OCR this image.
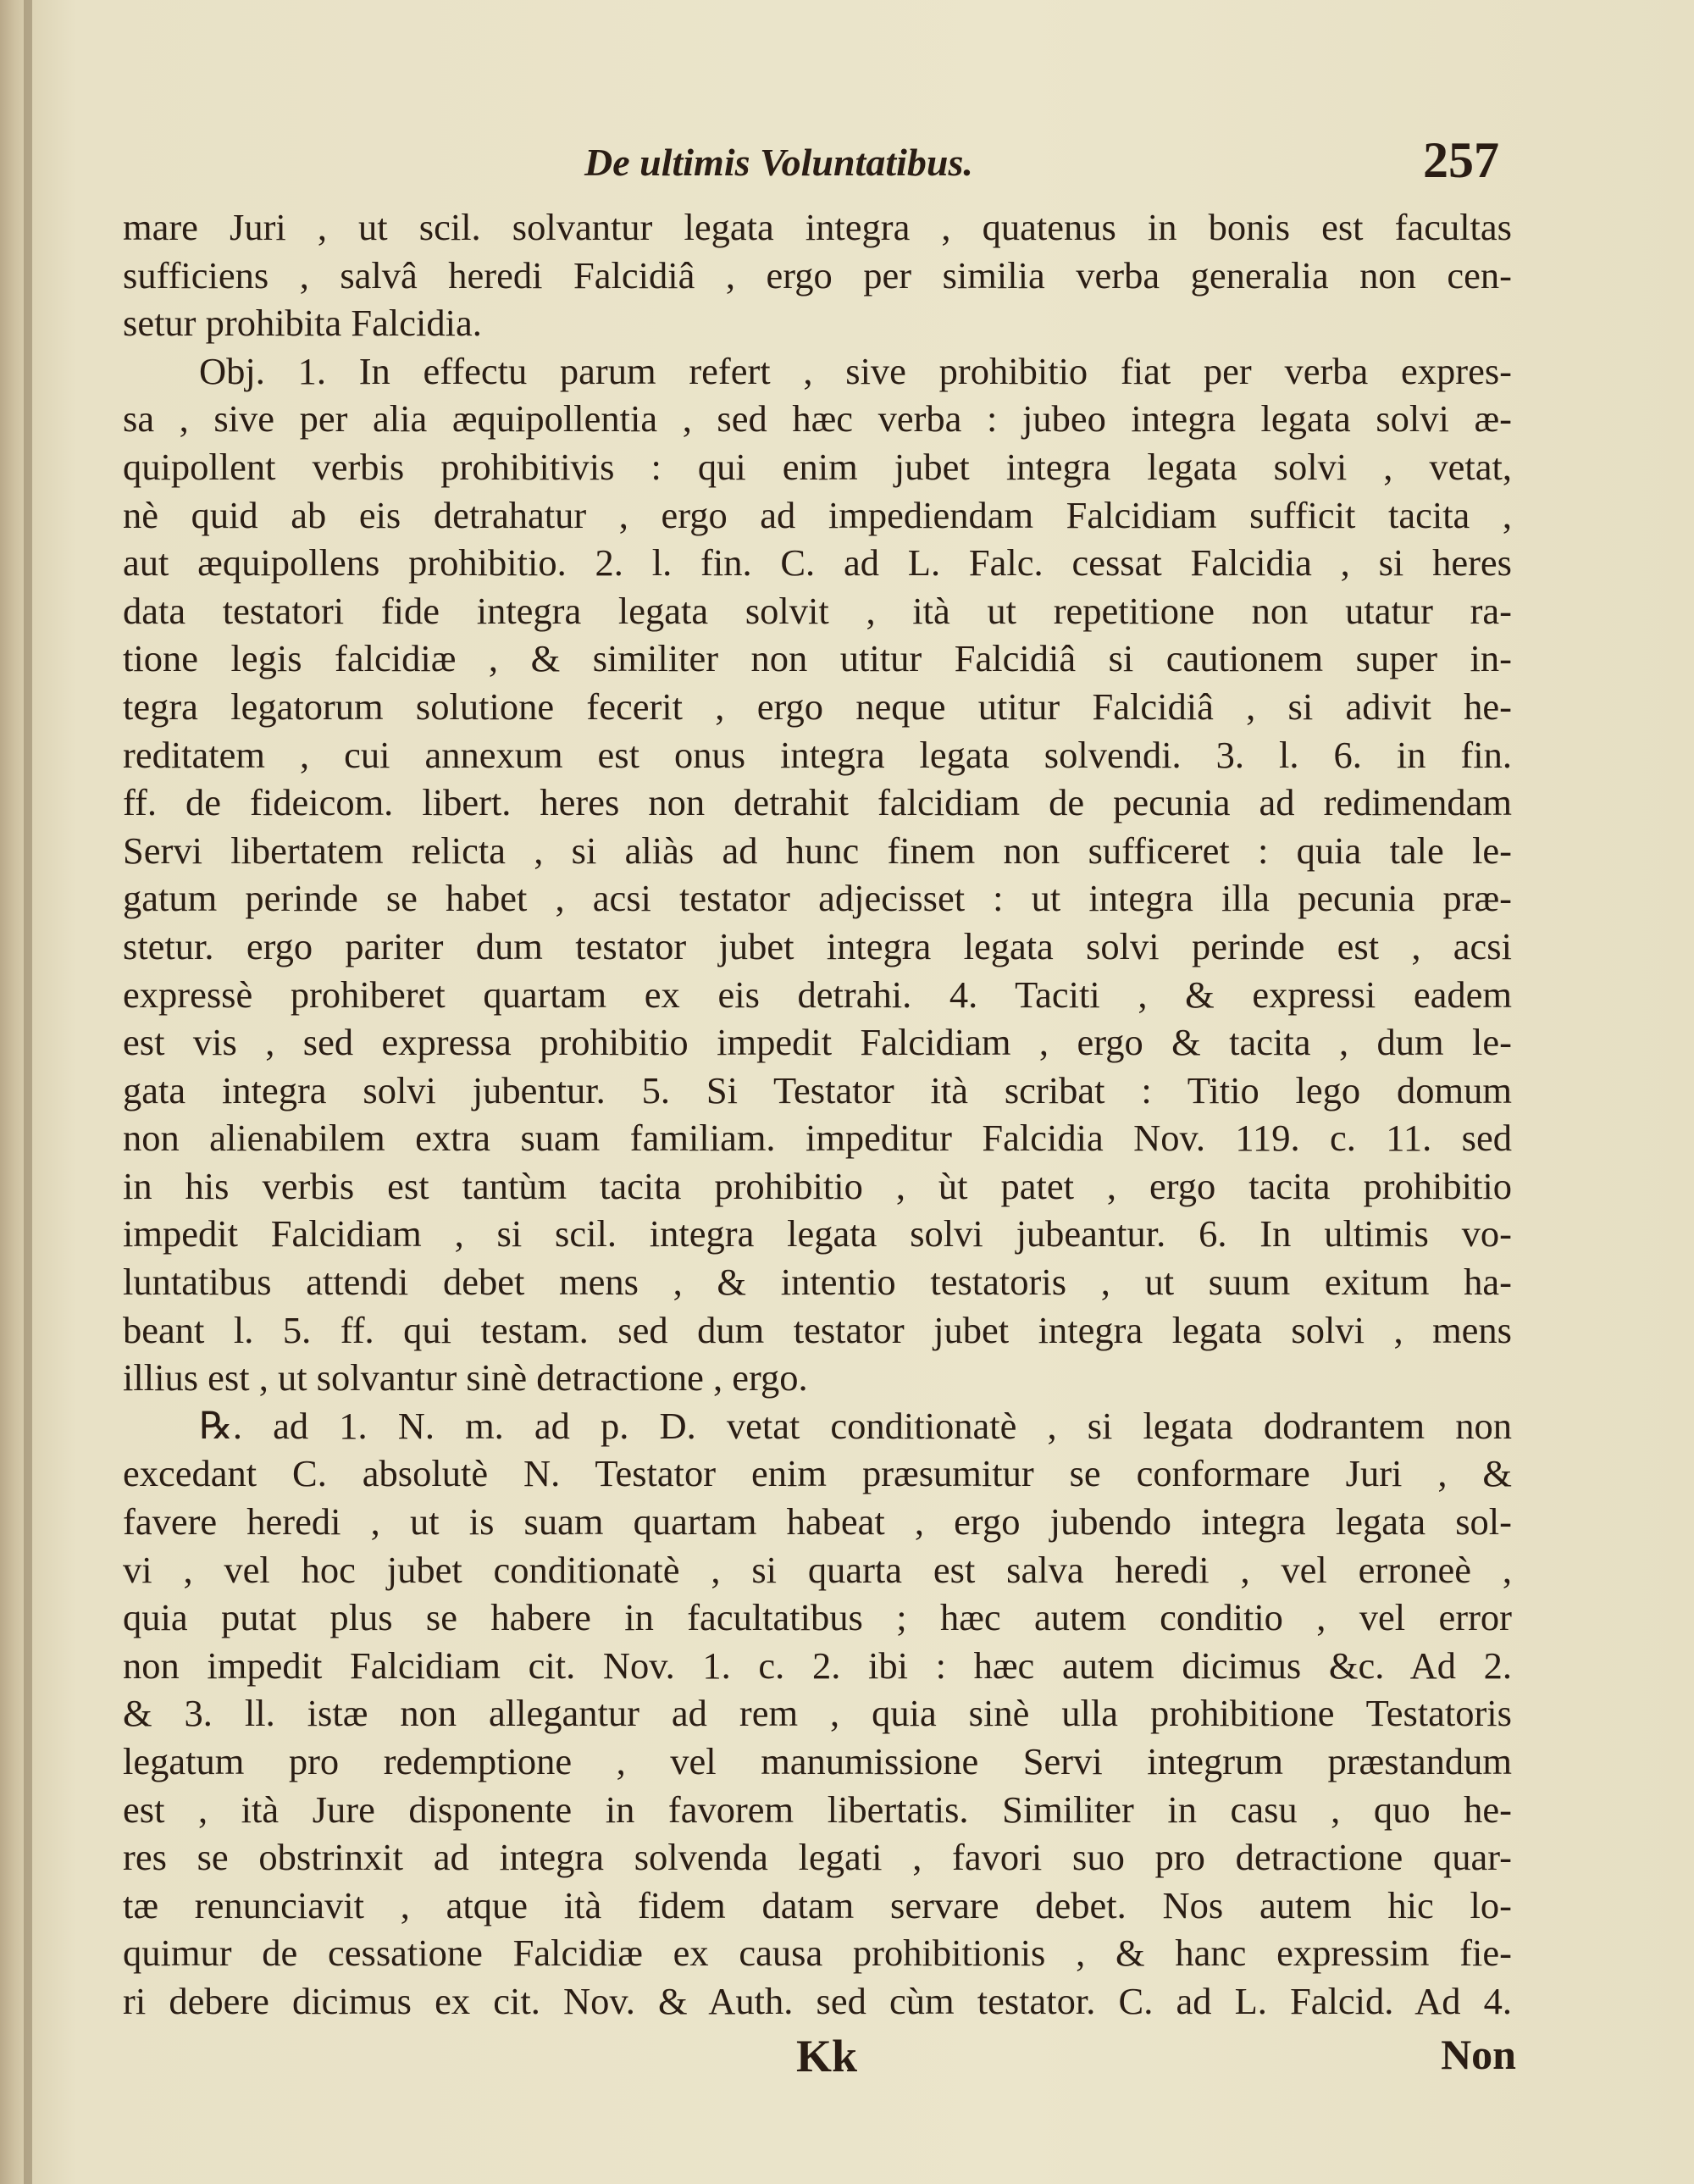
De ultimis Voluntatibus.	257
mare Juri , ut scil. solvantur legata integra , quatenus in bonis est facultas
sufficiens , salvâ heredi Falcidiâ , ergo per similia verba generalia non cen-
setur prohibita Falcidia.
Obj. 1. In effectu parum refert , sive prohibitio fiat per verba expres-
sa , sive per alia æquipollentia , sed hæc verba : jubeo integra legata solvi æ-
quipollent verbis prohibitivis : qui enim jubet integra legata solvi , vetat,
nè quid ab eis detrahatur , ergo ad impediendam Falcidiam sufficit tacita ,
aut æquipollens prohibitio. 2. l. fin. C. ad L. Falc. cessat Falcidia , si heres
data testatori fide integra legata solvit , ità ut repetitione non utatur ra-
tione legis falcidiæ , & similiter non utitur Falcidiâ si cautionem super in-
tegra legatorum solutione fecerit , ergo neque utitur Falcidiâ , si adivit he-
reditatem , cui annexum est onus integra legata solvendi. 3. l. 6. in fin.
ff. de fideicom. libert. heres non detrahit falcidiam de pecunia ad redimendam
Servi libertatem relicta , si aliàs ad hunc finem non sufficeret : quia tale le-
gatum perinde se habet , acsi testator adjecisset : ut integra illa pecunia præ-
stetur. ergo pariter dum testator jubet integra legata solvi perinde est , acsi
expressè prohiberet quartam ex eis detrahi. 4. Taciti , & expressi eadem
est vis , sed expressa prohibitio impedit Falcidiam , ergo & tacita , dum le-
gata integra solvi jubentur. 5. Si Testator ità scribat : Titio lego domum
non alienabilem extra suam familiam. impeditur Falcidia Nov. 119. c. 11. sed
in his verbis est tantùm tacita prohibitio , ùt patet , ergo tacita prohibitio
impedit Falcidiam , si scil. integra legata solvi jubeantur. 6. In ultimis vo-
luntatibus attendi debet mens , & intentio testatoris , ut suum exitum ha-
beant l. 5. ff. qui testam. sed dum testator jubet integra legata solvi , mens
illius est , ut solvantur sinè detractione , ergo.
℞. ad 1. N. m. ad p. D. vetat conditionatè , si legata dodrantem non
excedant C. absolutè N. Testator enim præsumitur se conformare Juri , &
favere heredi , ut is suam quartam habeat , ergo jubendo integra legata sol-
vi , vel hoc jubet conditionatè , si quarta est salva heredi , vel erroneè ,
quia putat plus se habere in facultatibus ; hæc autem conditio , vel error
non impedit Falcidiam cit. Nov. 1. c. 2. ibi : hæc autem dicimus &c. Ad 2.
& 3. ll. istæ non allegantur ad rem , quia sinè ulla prohibitione Testatoris
legatum pro redemptione , vel manumissione Servi integrum præstandum
est , ità Jure disponente in favorem libertatis. Similiter in casu , quo he-
res se obstrinxit ad integra solvenda legati , favori suo pro detractione quar-
tæ renunciavit , atque ità fidem datam servare debet. Nos autem hic lo-
quimur de cessatione Falcidiæ ex causa prohibitionis , & hanc expressim fie-
ri debere dicimus ex cit. Nov. & Auth. sed cùm testator. C. ad L. Falcid. Ad 4.
Kk	Non
